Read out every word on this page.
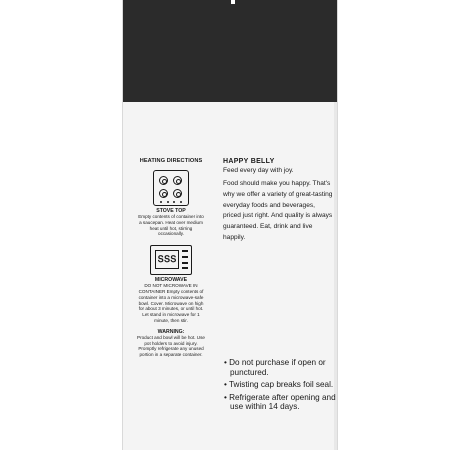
HEATING DIRECTIONS
STOVE TOP
Empty contents of container into a saucepan. Heat over medium heat until hot, stirring occasionally.
ՏՏՏ
MICROWAVE
DO NOT MICROWAVE IN CONTAINER Empty contents of container into a microwave-safe bowl. Cover. Microwave on high for about 3 minutes, or until hot. Let stand in microwave for 1 minute, then stir.
WARNING:
Product and bowl will be hot. Use pot holders to avoid injury. Promptly refrigerate any unused portion in a separate container.
HAPPY BELLY
Feed every day with joy.
Food should make you happy. That's why we offer a variety of great-tasting everyday foods and beverages, priced just right. And quality is always guaranteed. Eat, drink and live happily.
• Do not purchase if open or punctured.
• Twisting cap breaks foil seal.
• Refrigerate after opening and use within 14 days.
